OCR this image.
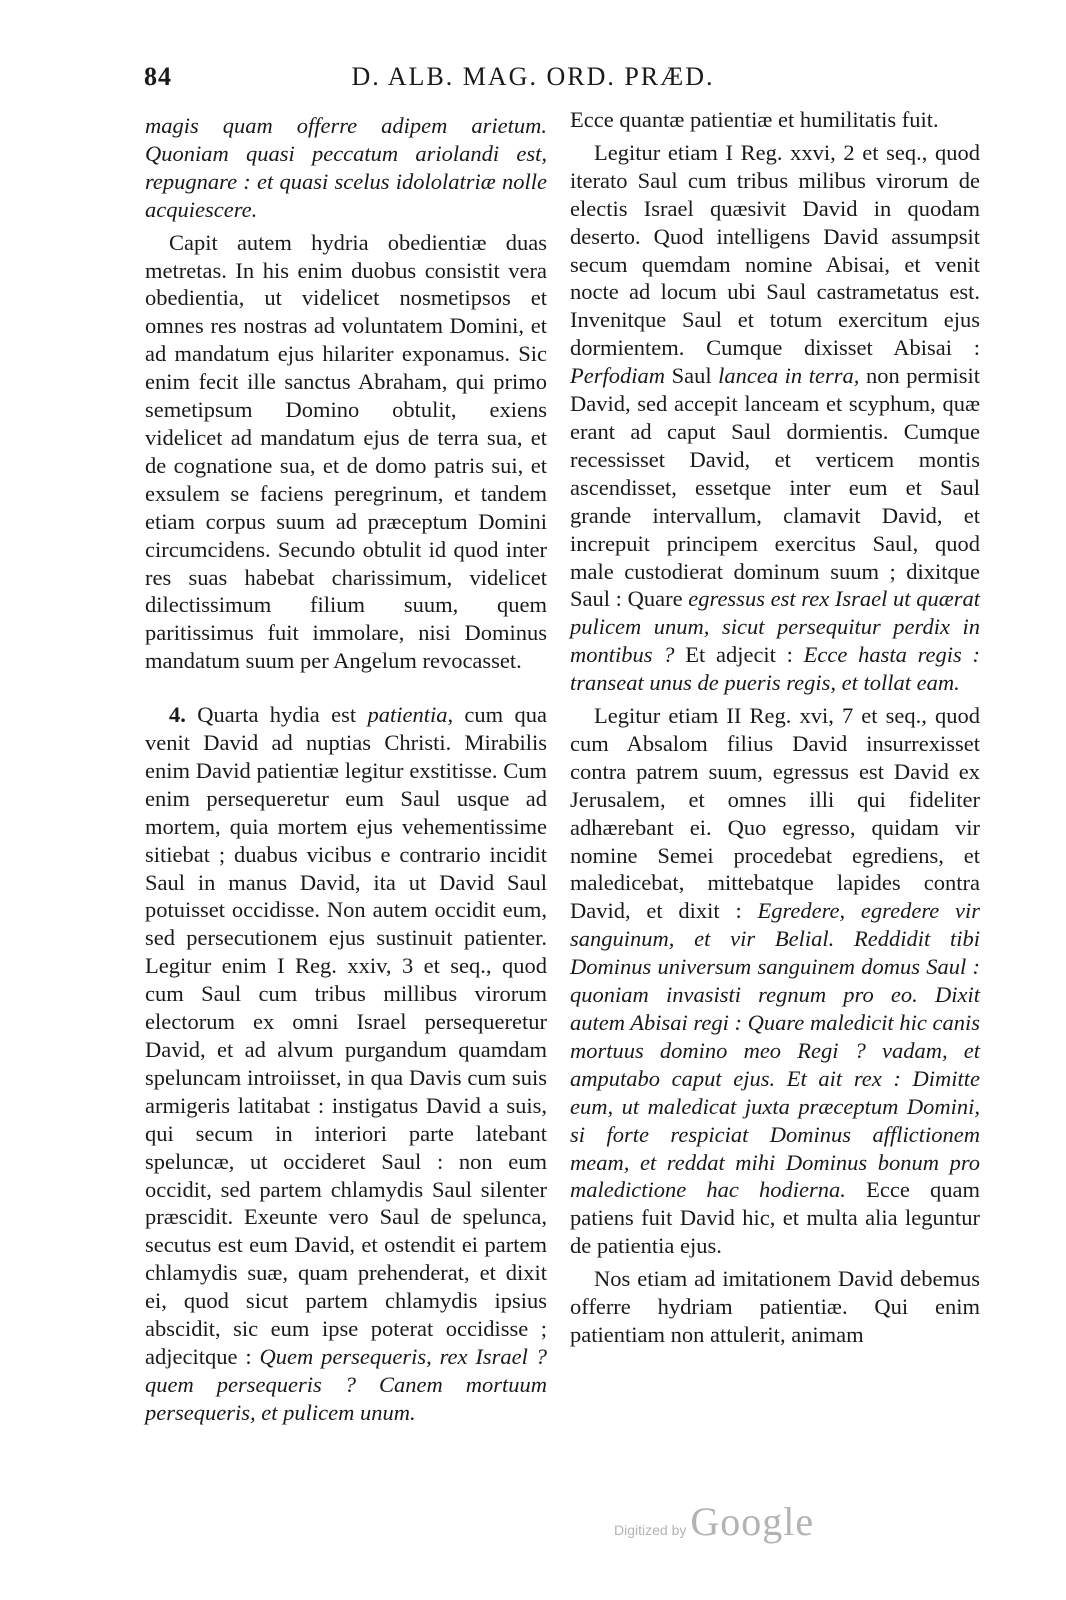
84	D. ALB. MAG. ORD. PRÆD.

magis quam offerre adipem arietum. Quoniam quasi peccatum ariolandi est, repugnare : et quasi scelus idololatriæ nolle acquiescere.

Capit autem hydria obedientiæ duas metretas. In his enim duobus consistit vera obedientia, ut videlicet nosmetipsos et omnes res nostras ad voluntatem Domini, et ad mandatum ejus hilariter exponamus. Sic enim fecit ille sanctus Abraham, qui primo semetipsum Domino obtulit, exiens videlicet ad mandatum ejus de terra sua, et de cognatione sua, et de domo patris sui, et exsulem se faciens peregrinum, et tandem etiam corpus suum ad præceptum Domini circumcidens. Secundo obtulit id quod inter res suas habebat charissimum, videlicet dilectissimum filium suum, quem paritissimus fuit immolare, nisi Dominus mandatum suum per Angelum revocasset.

4. Quarta hydia est patientia, cum qua venit David ad nuptias Christi. Mirabilis enim David patientiæ legitur exstitisse. Cum enim persequeretur eum Saul usque ad mortem, quia mortem ejus vehementissime sitiebat ; duabus vicibus e contrario incidit Saul in manus David, ita ut David Saul potuisset occidisse. Non autem occidit eum, sed persecutionem ejus sustinuit patienter. Legitur enim I Reg. xxiv, 3 et seq., quod cum Saul cum tribus millibus virorum electorum ex omni Israel persequeretur David, et ad alvum purgandum quamdam speluncam introiisset, in qua Davis cum suis armigeris latitabat : instigatus David a suis, qui secum in interiori parte latebant speluncæ, ut occideret Saul : non eum occidit, sed partem chlamydis Saul silenter præscidit. Exeunte vero Saul de spelunca, secutus est eum David, et ostendit ei partem chlamydis suæ, quam prehenderat, et dixit ei, quod sicut partem chlamydis ipsius abscidit, sic eum ipse poterat occidisse ; adjecitque : Quem persequeris, rex Israel ? quem persequeris ? Canem mortuum persequeris, et pulicem unum.

Ecce quantæ patientiæ et humilitatis fuit.

Legitur etiam I Reg. xxvi, 2 et seq., quod iterato Saul cum tribus milibus virorum de electis Israel quæsivit David in quodam deserto. Quod intelligens David assumpsit secum quemdam nomine Abisai, et venit nocte ad locum ubi Saul castrametatus est. Invenitque Saul et totum exercitum ejus dormientem. Cumque dixisset Abisai : Perfodiam Saul lancea in terra, non permisit David, sed accepit lanceam et scyphum, quæ erant ad caput Saul dormientis. Cumque recessisset David, et verticem montis ascendisset, essetque inter eum et Saul grande intervallum, clamavit David, et increpuit principem exercitus Saul, quod male custodierat dominum suum ; dixitque Saul : Quare egressus est rex Israel ut quærat pulicem unum, sicut persequitur perdix in montibus ? Et adjecit : Ecce hasta regis : transeat unus de pueris regis, et tollat eam.

Legitur etiam II Reg. xvi, 7 et seq., quod cum Absalom filius David insurrexisset contra patrem suum, egressus est David ex Jerusalem, et omnes illi qui fideliter adhærebant ei. Quo egresso, quidam vir nomine Semei procedebat egrediens, et maledicebat, mittebatque lapides contra David, et dixit : Egredere, egredere vir sanguinum, et vir Belial. Reddidit tibi Dominus universum sanguinem domus Saul : quoniam invasisti regnum pro eo. Dixit autem Abisai regi : Quare maledicit hic canis mortuus domino meo Regi ? vadam, et amputabo caput ejus. Et ait rex : Dimitte eum, ut maledicat juxta præceptum Domini, si forte respiciat Dominus afflictionem meam, et reddat mihi Dominus bonum pro maledictione hac hodierna. Ecce quam patiens fuit David hic, et multa alia leguntur de patientia ejus.

Nos etiam ad imitationem David debemus offerre hydriam patientiæ. Qui enim patientiam non attulerit, animam

Digitized by Google
